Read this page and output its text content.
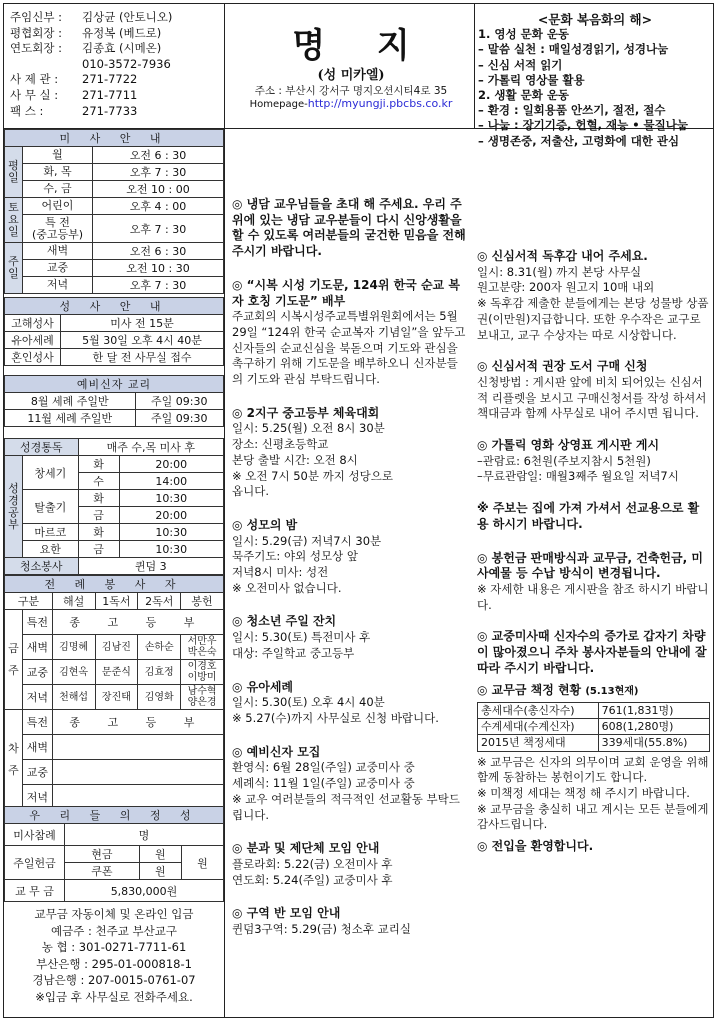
주임신부 :	김상균 (안토니오)
평협회장 :	유정복 (베드로)
연도회장 :	김종효 (시메온)
010-3572-7936
사 제 관 :	271-7722
사 무 실 :	271-7711
팩 스 :	271-7733
명 지
(성 미카엘)
주소 : 부산시 강서구 명지오션시티4로 35
Homepage-http://myungji.pbcbs.co.kr
<문화 복음화의 해>
1. 영성 문화 운동
– 말씀 실천 : 매일성경읽기, 성경나눔
– 신심 서적 읽기
– 가톨릭 영상물 활용
2. 생활 문화 운동
– 환경 : 일회용품 안쓰기, 절전, 절수
– 나눔 : 장기기증, 헌혈, 재능 • 물질나눔
– 생명존중, 저출산, 고령화에 대한 관심
미 사 안 내		
평일	월	오전 6 : 30
	화, 목	오후 7 : 30
	수, 금	오전 10 : 00
토요일	어린이	오후 4 : 00
	특 전
(중고등부)	오후 7 : 30
주일	새벽	오전 6 : 30
	교중	오전 10 : 30
	저녁	오후 7 : 30
성 사 안 내	
고해성사	미사 전 15분
유아세례	5월 30일 오후 4시 40분
혼인성사	한 달 전 사무실 접수
예비신자 교리	
8월 세례 주일반	주일 09:30
11월 세례 주일반	주일 09:30
성경통독		매주 수,목 미사 후	
성경공부	창세기	화	20:00
		수	14:00
	탈출기	화	10:30
		금	20:00
	마르코	화	10:30
	요한	금	10:30
청소봉사		퀸덤 3	
전 례 봉 사 자					
구분		해설	1독서	2독서	봉헌
금 주	특전	종 고 등 부			
	새벽	김명혜	김남진	손하순	서만우
박은숙
	교중	김현옥	문준식	김효정	이경호
이방미
	저녁	천해섭	장진태	김영화	남수혁
양은경
차 주	특전	종 고 등 부			
	새벽				
	교중				
	저녁				
우 리 들 의 정 성			
미사참례	명		
주일헌금	현금	원	원
	쿠폰	원	
교 무 금	5,830,000원		
교무금 자동이체 및 온라인 입금
예금주 : 천주교 부산교구
농 협 : 301-0271-7711-61
부산은행 : 295-01-000818-1
경남은행 : 207-0015-0761-07
※입금 후 사무실로 전화주세요.
◎ 냉담 교우님들을 초대 해 주세요. 우리 주위에 있는 냉담 교우분들이 다시 신앙생활을 할 수 있도록 여러분들의 굳건한 믿음을 전해 주시기 바랍니다.
◎ “시복 시성 기도문, 124위 한국 순교 복자 호칭 기도문” 배부
주교회의 시복시성주교특별위원회에서는 5월29일 “124위 한국 순교복자 기념일”을 앞두고 신자들의 순교신심을 북돋으며 기도와 관심을 촉구하기 위해 기도문을 배부하오니 신자분들의 기도와 관심 부탁드립니다.
◎ 2지구 중고등부 체육대회
일시: 5.25(월) 오전 8시 30분
장소: 신평초등학교
본당 출발 시간: 오전 8시
※ 오전 7시 50분 까지 성당으로
옵니다.
◎ 성모의 밤
일시: 5.29(금) 저녁7시 30분
묵주기도: 야외 성모상 앞
저녁8시 미사: 성전
※ 오전미사 없습니다.
◎ 청소년 주일 잔치
일시: 5.30(토) 특전미사 후
대상: 주일학교 중고등부
◎ 유아세례
일시: 5.30(토) 오후 4시 40분
※ 5.27(수)까지 사무실로 신청 바랍니다.
◎ 예비신자 모집
환영식: 6월 28일(주일) 교중미사 중
세례식: 11월 1일(주일) 교중미사 중
※ 교우 여러분들의 적극적인 선교활동 부탁드립니다.
◎ 분과 및 제단체 모임 안내
플로라회: 5.22(금) 오전미사 후
연도회: 5.24(주일) 교중미사 후
◎ 구역 반 모임 안내
퀸덤3구역: 5.29(금) 청소후 교리실
◎ 신심서적 독후감 내어 주세요.
일시: 8.31(월) 까지 본당 사무실
원고분량: 200자 원고지 10매 내외
※ 독후감 제출한 분들에게는 본당 성물방 상품권(이만원)지급합니다. 또한 우수작은 교구로 보내고, 교구 수상자는 따로 시상합니다.
◎ 신심서적 권장 도서 구매 신청
신청방법 : 게시판 앞에 비치 되어있는 신심서적 리플렛을 보시고 구매신청서를 작성 하셔서 책대금과 함께 사무실로 내어 주시면 됩니다.
◎ 가톨릭 영화 상영표 게시판 게시
–관람료: 6천원(주보지참시 5천원)
–무료관람일: 매월3째주 월요일 저녁7시
※ 주보는 집에 가져 가셔서 선교용으로 활용 하시기 바랍니다.
◎ 봉헌금 판매방식과 교무금, 건축헌금, 미사예물 등 수납 방식이 변경됩니다.
※ 자세한 내용은 게시판을 참조 하시기 바랍니다.
◎ 교중미사때 신자수의 증가로 갑자기 차량이 많아졌으니 주차 봉사자분들의 안내에 잘 따라 주시기 바랍니다.
◎ 교무금 책정 현황 (5.13현재)
총세대수(총신자수)	761(1,831명)
수계세대(수계신자)	608(1,280명)
2015년 책정세대	339세대(55.8%)
※ 교무금은 신자의 의무이며 교회 운영을 위해 함께 동참하는 봉헌이기도 합니다.
※ 미책정 세대는 책정 해 주시기 바랍니다.
※ 교무금을 충실히 내고 계시는 모든 분들에게 감사드립니다.
◎ 전입을 환영합니다.
